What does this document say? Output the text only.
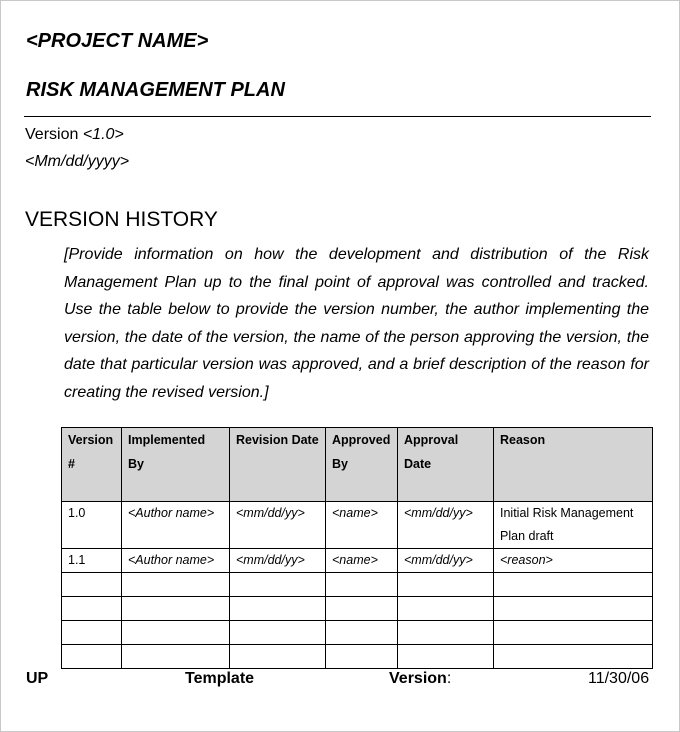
<PROJECT NAME>
RISK MANAGEMENT PLAN
Version <1.0>
<Mm/dd/yyyy>
VERSION HISTORY
[Provide information on how the development and distribution of the Risk Management Plan up to the final point of approval was controlled and tracked. Use the table below to provide the version number, the author implementing the version, the date of the version, the name of the person approving the version, the date that particular version was approved, and a brief description of the reason for creating the revised version.]
Version #	Implemented By	Revision Date	Approved By	Approval Date	Reason
1.0	<Author name>	<mm/dd/yy>	<name>	<mm/dd/yy>	Initial Risk Management Plan draft
1.1	<Author name>	<mm/dd/yy>	<name>	<mm/dd/yy>	<reason>

UP	Template	Version:	11/30/06
